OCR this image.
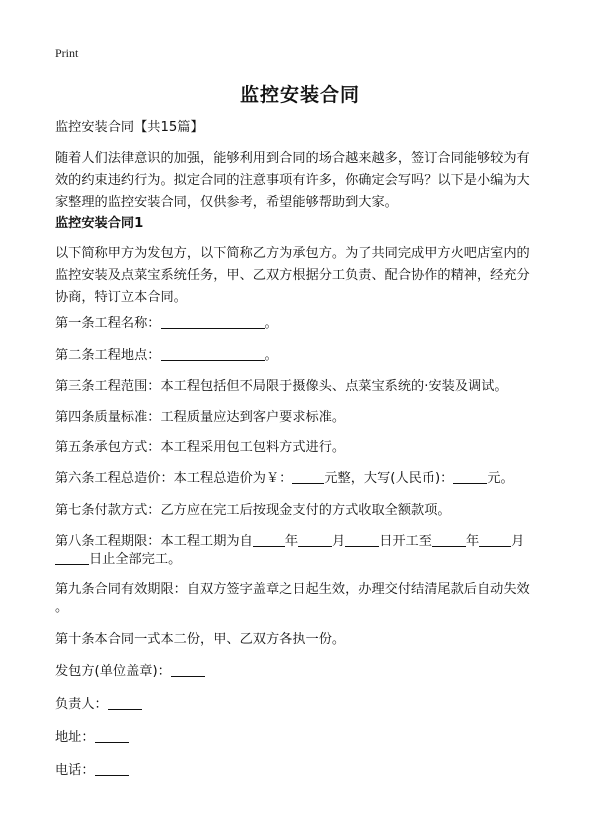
Print
监控安装合同
监控安装合同【共15篇】
随着人们法律意识的加强，能够利用到合同的场合越来越多，签订合同能够较为有
效的约束违约行为。拟定合同的注意事项有许多，你确定会写吗？以下是小编为大
家整理的监控安装合同，仅供参考，希望能够帮助到大家。
监控安装合同1
以下简称甲方为发包方，以下简称乙方为承包方。为了共同完成甲方火吧店室内的
监控安装及点菜宝系统任务，甲、乙双方根据分工负责、配合协作的精神，经充分
协商，特订立本合同。
第一条工程名称：	。
第二条工程地点：	。
第三条工程范围：本工程包括但不局限于摄像头、点菜宝系统的·安装及调试。
第四条质量标准：工程质量应达到客户要求标准。
第五条承包方式：本工程采用包工包料方式进行。
第六条工程总造价：本工程总造价为￥： 元整，大写(人民币)：	元。
第七条付款方式：乙方应在完工后按现金支付的方式收取全额款项。
第八条工程期限：本工程工期为自 年	月	日开工至	年 月
日止全部完工。
第九条合同有效期限：自双方签字盖章之日起生效，办理交付结清尾款后自动失效
。
第十条本合同一式本二份，甲、乙双方各执一份。
发包方(单位盖章)：
负责人：
地址：
电话：
